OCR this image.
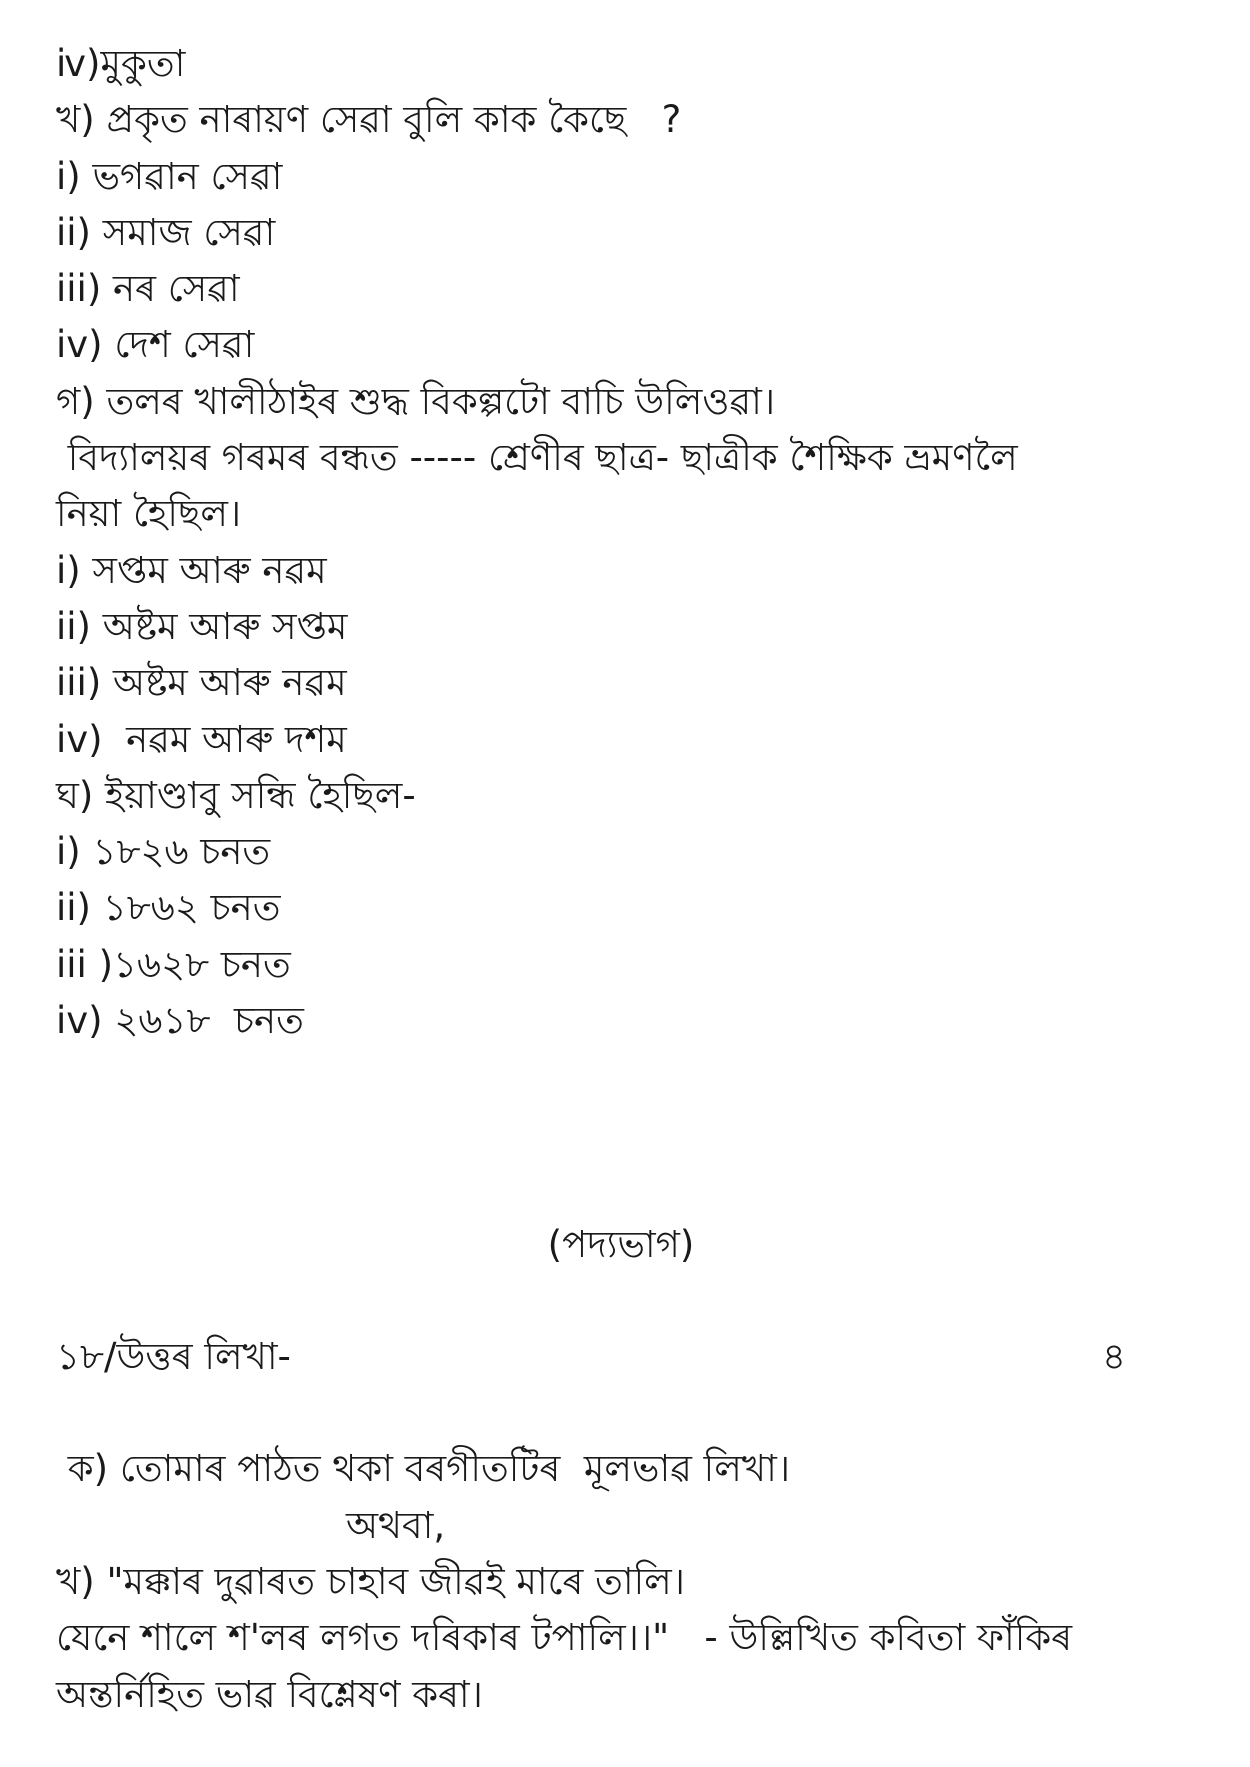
ⅳ)মুকুতা
খ) প্ৰকৃত নাৰায়ণ সেৱা বুলি কাক কৈছে   ?
i) ভগৱান সেৱা
ii) সমাজ সেৱা
iii) নৰ সেৱা
iv) দেশ সেৱা
গ) তলৰ খালীঠাইৰ শুদ্ধ বিকল্পটো বাচি উলিওৱা।
বিদ্যালয়ৰ গৰমৰ বন্ধত ----- শ্ৰেণীৰ ছাত্ৰ- ছাত্ৰীক শৈক্ষিক ভ্ৰমণলৈ
নিয়া হৈছিল।
i) সপ্তম আৰু নৱম
ii) অষ্টম আৰু সপ্তম
iii) অষ্টম আৰু নৱম
iv)  নৱম আৰু দশম
ঘ) ইয়াণ্ডাবু সন্ধি হৈছিল-
i) ১৮২৬ চনত
ii) ১৮৬২ চনত
iii )১৬২৮ চনত
iv) ২৬১৮  চনত
(পদ্যভাগ)
১৮/উত্তৰ লিখা-	৪
ক) তোমাৰ পাঠত থকা বৰগীতটিৰ  মূলভাৱ লিখা।
অথবা,
খ) "মক্কাৰ দুৱাৰত চাহাব জীৱই মাৰে তালি।
যেনে শালে শ'লৰ লগত দৰিকাৰ টপালি।।"   - উল্লিখিত কবিতা ফাঁকিৰ
অন্তৰ্নিহিত ভাৱ বিশ্লেষণ কৰা।
